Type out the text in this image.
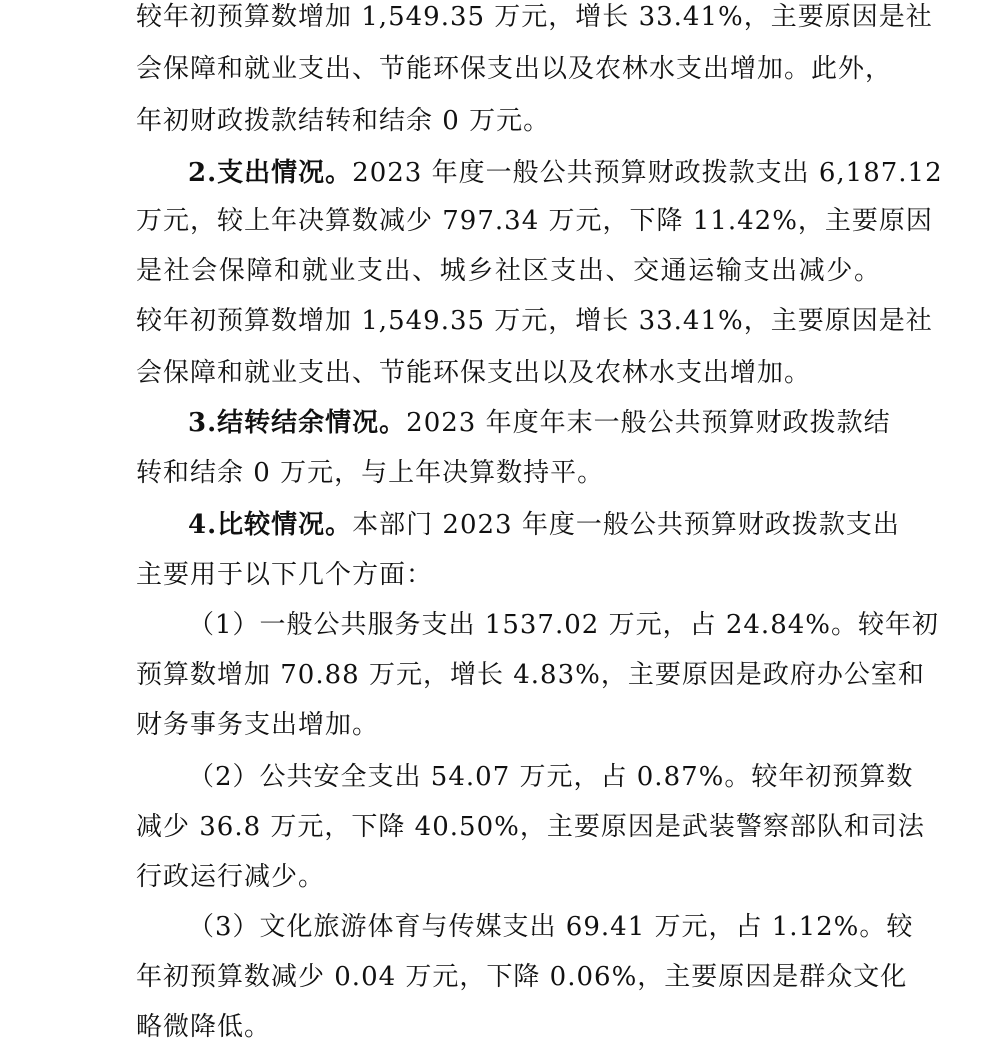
较年初预算数增加 1,549.35 万元，增长 33.41%，主要原因是社
会保障和就业支出、节能环保支出以及农林水支出增加。此外，
年初财政拨款结转和结余 0 万元。
2.支出情况。2023 年度一般公共预算财政拨款支出 6,187.12
万元，较上年决算数减少 797.34 万元，下降 11.42%，主要原因
是社会保障和就业支出、城乡社区支出、交通运输支出减少。
较年初预算数增加 1,549.35 万元，增长 33.41%，主要原因是社
会保障和就业支出、节能环保支出以及农林水支出增加。
3.结转结余情况。2023 年度年末一般公共预算财政拨款结
转和结余 0 万元，与上年决算数持平。
4.比较情况。本部门 2023 年度一般公共预算财政拨款支出
主要用于以下几个方面：
（1）一般公共服务支出 1537.02 万元，占 24.84%。较年初
预算数增加 70.88 万元，增长 4.83%，主要原因是政府办公室和
财务事务支出增加。
（2）公共安全支出 54.07 万元，占 0.87%。较年初预算数
减少 36.8 万元，下降 40.50%，主要原因是武装警察部队和司法
行政运行减少。
（3）文化旅游体育与传媒支出 69.41 万元，占 1.12%。较
年初预算数减少 0.04 万元，下降 0.06%，主要原因是群众文化
略微降低。
